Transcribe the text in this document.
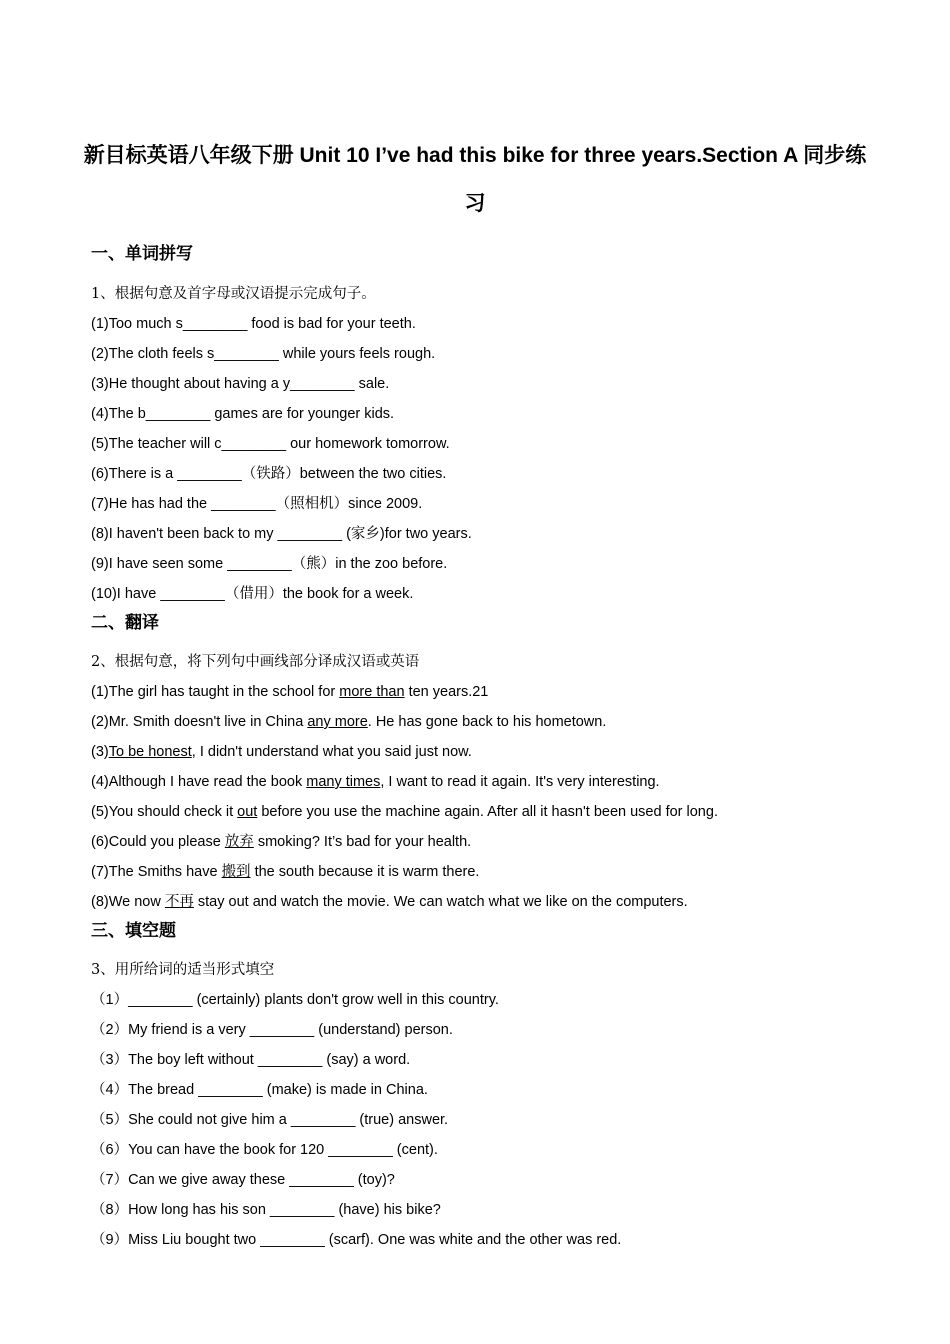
新目标英语八年级下册 Unit 10 I’ve had this bike for three years.Section A 同步练
习
一、单词拼写
1、根据句意及首字母或汉语提示完成句子。
(1)Too much s________ food is bad for your teeth.
(2)The cloth feels s________ while yours feels rough.
(3)He thought about having a y________ sale.
(4)The b________ games are for younger kids.
(5)The teacher will c________ our homework tomorrow.
(6)There is a ________（铁路）between the two cities.
(7)He has had the ________（照相机）since 2009.
(8)I haven't been back to my ________ (家乡)for two years.
(9)I have seen some ________（熊）in the zoo before.
(10)I have ________（借用）the book for a week.
二、翻译
2、根据句意，将下列句中画线部分译成汉语或英语
(1)The girl has taught in the school for more than ten years.21
(2)Mr. Smith doesn't live in China any more. He has gone back to his hometown.
(3)To be honest, I didn't understand what you said just now.
(4)Although I have read the book many times, I want to read it again. It's very interesting.
(5)You should check it out before you use the machine again. After all it hasn't been used for long.
(6)Could you please 放弃 smoking? It’s bad for your health.
(7)The Smiths have 搬到 the south because it is warm there.
(8)We now 不再 stay out and watch the movie. We can watch what we like on the computers.
三、填空题
3、用所给词的适当形式填空
（1）________ (certainly) plants don't grow well in this country.
（2）My friend is a very ________ (understand) person.
（3）The boy left without ________ (say) a word.
（4）The bread ________ (make) is made in China.
（5）She could not give him a ________ (true) answer.
（6）You can have the book for 120 ________ (cent).
（7）Can we give away these ________ (toy)?
（8）How long has his son ________ (have) his bike?
（9）Miss Liu bought two ________ (scarf). One was white and the other was red.
